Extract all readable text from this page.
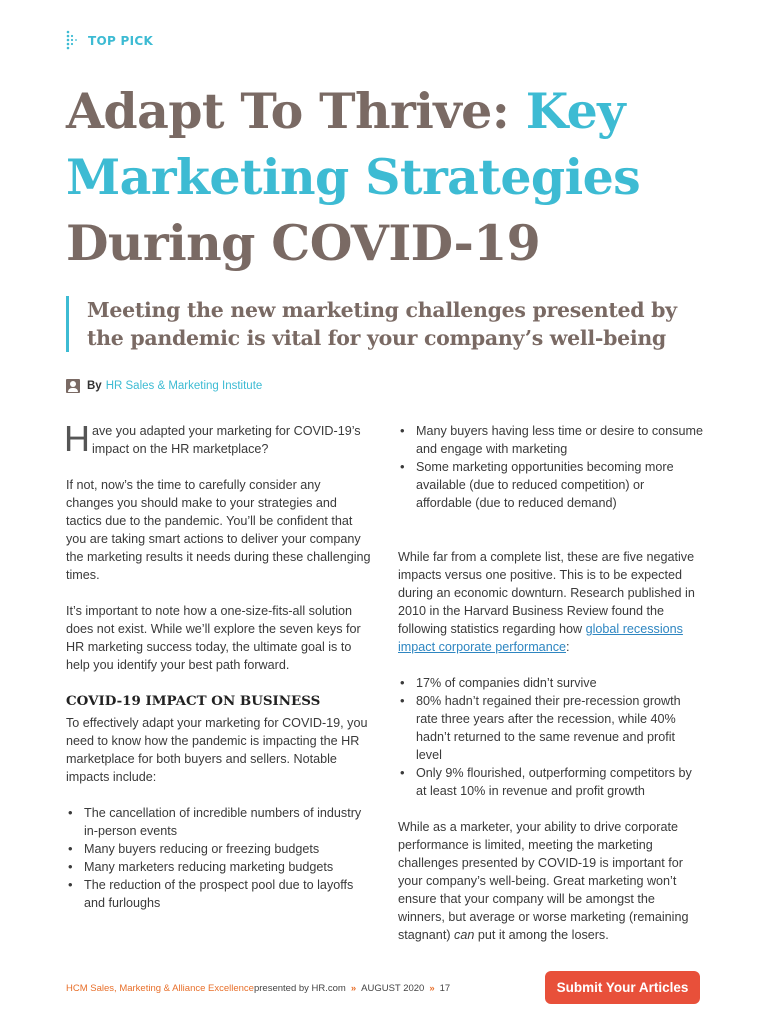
TOP PICK
Adapt To Thrive: Key Marketing Strategies
During COVID-19
Meeting the new marketing challenges presented by the pandemic is vital for your company’s well-being
By HR Sales & Marketing Institute

Have you adapted your marketing for COVID-19’s impact on the HR marketplace?

If not, now’s the time to carefully consider any changes you should make to your strategies and tactics due to the pandemic. You’ll be confident that you are taking smart actions to deliver your company the marketing results it needs during these challenging times.

It’s important to note how a one-size-fits-all solution does not exist. While we’ll explore the seven keys for HR marketing success today, the ultimate goal is to help you identify your best path forward.

COVID-19 IMPACT ON BUSINESS

To effectively adapt your marketing for COVID-19, you need to know how the pandemic is impacting the HR marketplace for both buyers and sellers. Notable impacts include:

• The cancellation of incredible numbers of industry in-person events
• Many buyers reducing or freezing budgets
• Many marketers reducing marketing budgets
• The reduction of the prospect pool due to layoffs and furloughs
• Many buyers having less time or desire to consume and engage with marketing
• Some marketing opportunities becoming more available (due to reduced competition) or affordable (due to reduced demand)

While far from a complete list, these are five negative impacts versus one positive. This is to be expected during an economic downturn. Research published in 2010 in the Harvard Business Review found the following statistics regarding how global recessions impact corporate performance:

• 17% of companies didn’t survive
• 80% hadn’t regained their pre-recession growth rate three years after the recession, while 40% hadn’t returned to the same revenue and profit level
• Only 9% flourished, outperforming competitors by at least 10% in revenue and profit growth

While as a marketer, your ability to drive corporate performance is limited, meeting the marketing challenges presented by COVID-19 is important for your company’s well-being. Great marketing won’t ensure that your company will be amongst the winners, but average or worse marketing (remaining stagnant) can put it among the losers.

HCM Sales, Marketing & Alliance Excellence presented by HR.com » AUGUST 2020 » 17	Submit Your Articles
